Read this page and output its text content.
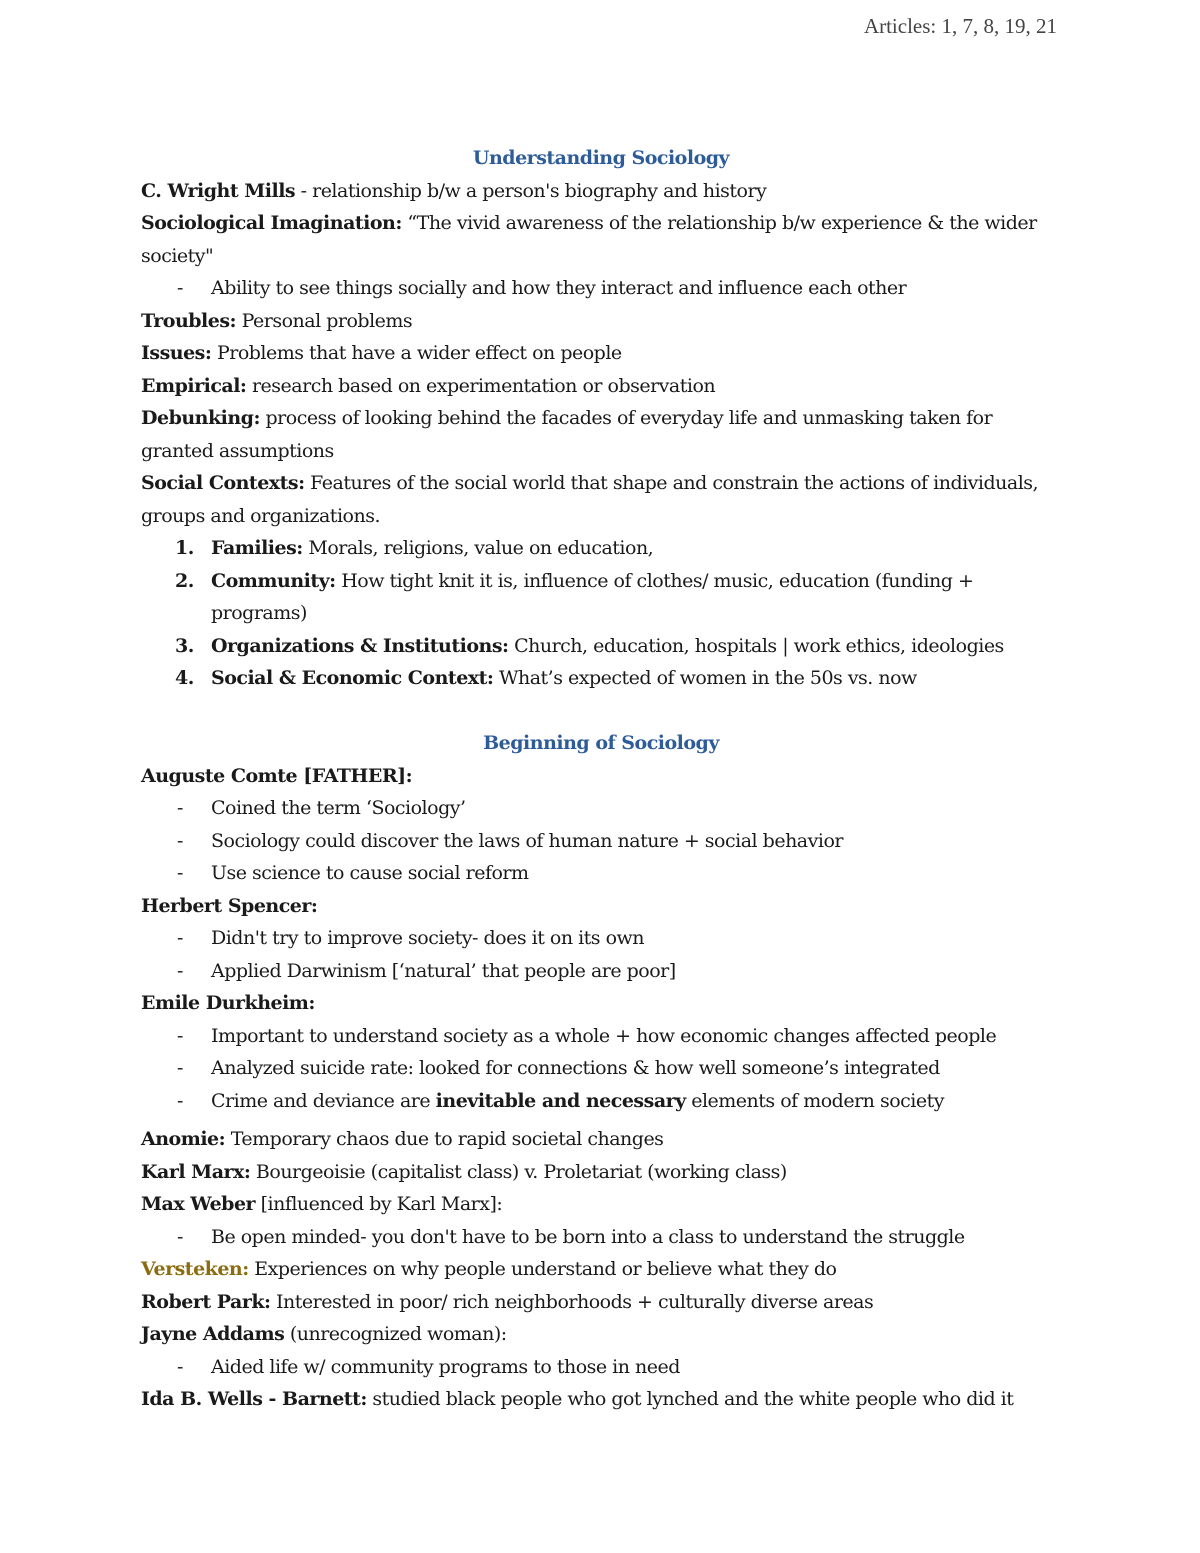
Articles: 1, 7, 8, 19, 21

Understanding Sociology

C. Wright Mills - relationship b/w a person's biography and history

Sociological Imagination: “The vivid awareness of the relationship b/w experience & the wider society"

- Ability to see things socially and how they interact and influence each other

Troubles: Personal problems

Issues: Problems that have a wider effect on people

Empirical: research based on experimentation or observation

Debunking: process of looking behind the facades of everyday life and unmasking taken for granted assumptions

Social Contexts: Features of the social world that shape and constrain the actions of individuals, groups and organizations.

1. Families: Morals, religions, value on education,

2. Community: How tight knit it is, influence of clothes/ music, education (funding + programs)

3. Organizations & Institutions: Church, education, hospitals | work ethics, ideologies

4. Social & Economic Context: What’s expected of women in the 50s vs. now

Beginning of Sociology

Auguste Comte [FATHER]:

- Coined the term ‘Sociology’

- Sociology could discover the laws of human nature + social behavior

- Use science to cause social reform

Herbert Spencer:

- Didn't try to improve society- does it on its own

- Applied Darwinism [‘natural’ that people are poor]

Emile Durkheim:

- Important to understand society as a whole + how economic changes affected people

- Analyzed suicide rate: looked for connections & how well someone’s integrated

- Crime and deviance are inevitable and necessary elements of modern society

Anomie: Temporary chaos due to rapid societal changes

Karl Marx: Bourgeoisie (capitalist class) v. Proletariat (working class)

Max Weber [influenced by Karl Marx]:

- Be open minded- you don't have to be born into a class to understand the struggle

Versteken: Experiences on why people understand or believe what they do

Robert Park: Interested in poor/ rich neighborhoods + culturally diverse areas

Jayne Addams (unrecognized woman):

- Aided life w/ community programs to those in need

Ida B. Wells - Barnett: studied black people who got lynched and the white people who did it
